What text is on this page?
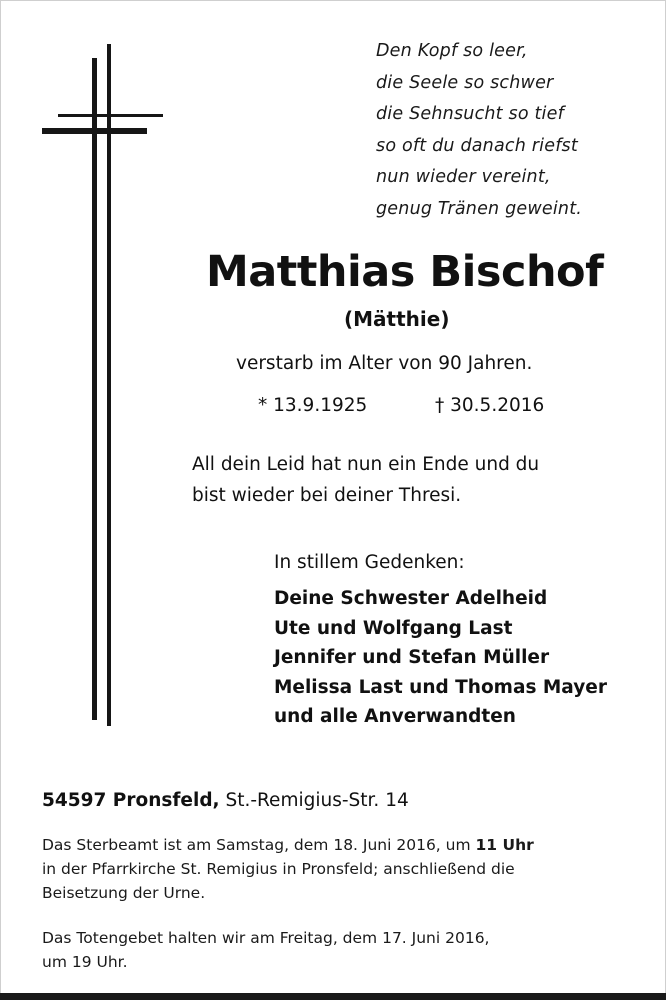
Den Kopf so leer,
die Seele so schwer
die Sehnsucht so tief
so oft du danach riefst
nun wieder vereint,
genug Tränen geweint.
Matthias Bischof
(Mätthie)
verstarb im Alter von 90 Jahren.
* 13.9.1925	† 30.5.2016
All dein Leid hat nun ein Ende und du
bist wieder bei deiner Thresi.
In stillem Gedenken:
Deine Schwester Adelheid
Ute und Wolfgang Last
Jennifer und Stefan Müller
Melissa Last und Thomas Mayer
und alle Anverwandten
54597 Pronsfeld, St.-Remigius-Str. 14
Das Sterbeamt ist am Samstag, dem 18. Juni 2016, um 11 Uhr
in der Pfarrkirche St. Remigius in Pronsfeld; anschließend die
Beisetzung der Urne.
Das Totengebet halten wir am Freitag, dem 17. Juni 2016,
um 19 Uhr.
